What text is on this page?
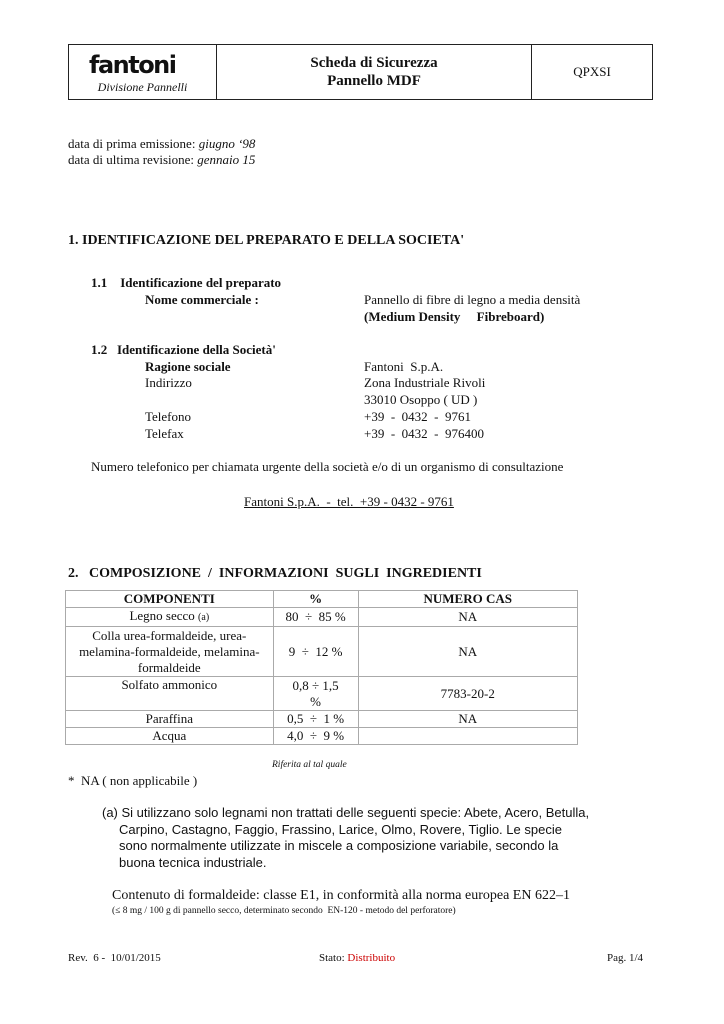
fantoni
Divisione Pannelli
Scheda di Sicurezza
Pannello MDF
QPXSI
data di prima emissione: giugno ‘98
data di ultima revisione: gennaio 15
1. IDENTIFICAZIONE DEL PREPARATO E DELLA SOCIETA'
1.1    Identificazione del preparato
Nome commerciale :	Pannello di fibre di legno a media densità
(Medium Density     Fibreboard)
1.2   Identificazione della Società'
Ragione sociale	Fantoni  S.p.A.
Indirizzo	Zona Industriale Rivoli
33010 Osoppo ( UD )
Telefono	+39  -  0432  -  9761
Telefax	+39  -  0432  -  976400
Numero telefonico per chiamata urgente della società e/o di un organismo di consultazione
Fantoni S.p.A.  -  tel.  +39 - 0432 - 9761
2.   COMPOSIZIONE  /  INFORMAZIONI  SUGLI  INGREDIENTI
COMPONENTI	%	NUMERO CAS
Legno secco (a)	80  ÷  85 %	NA
Colla urea-formaldeide, urea-melamina-formaldeide, melamina-formaldeide	9  ÷  12 %	NA
Solfato ammonico	0,8 ÷ 1,5 %	7783-20-2
Paraffina	0,5  ÷  1 %	NA
Acqua	4,0  ÷  9 %	
Riferita al tal quale
*  NA ( non applicabile )
(a) Si utilizzano solo legnami non trattati delle seguenti specie: Abete, Acero, Betulla, Carpino, Castagno, Faggio, Frassino, Larice, Olmo, Rovere, Tiglio. Le specie sono normalmente utilizzate in miscele a composizione variabile, secondo la buona tecnica industriale.
Contenuto di formaldeide: classe E1, in conformità alla norma europea EN 622–1
(≤ 8 mg / 100 g di pannello secco, determinato secondo  EN-120 - metodo del perforatore)
Rev.  6 -  10/01/2015	Stato: Distribuito	Pag. 1/4
